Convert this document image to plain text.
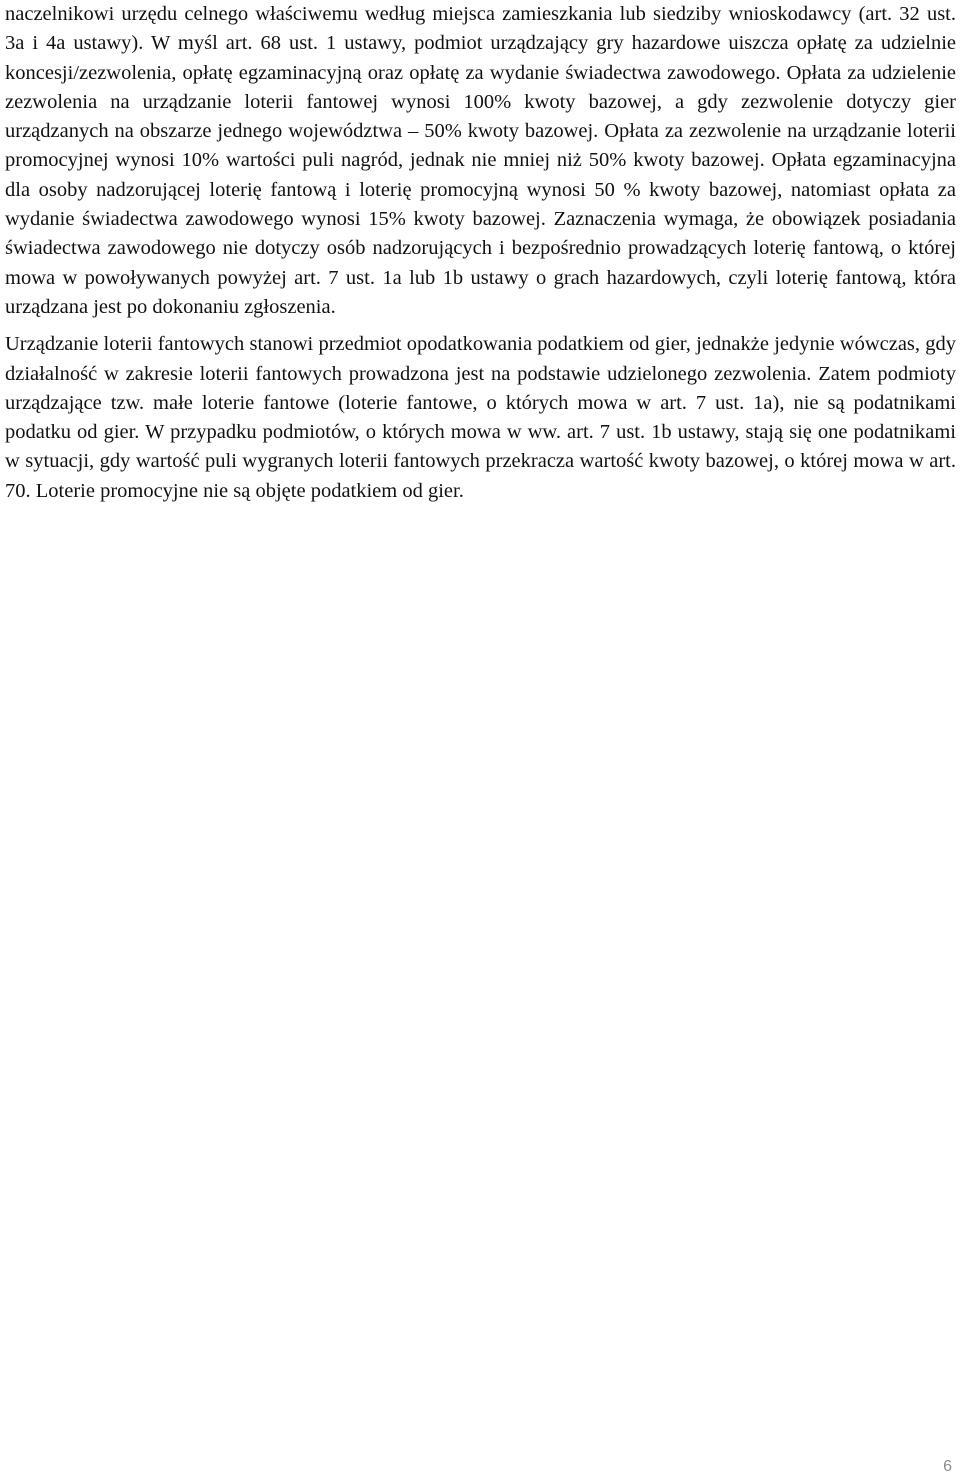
naczelnikowi urzędu celnego właściwemu według miejsca zamieszkania lub siedziby wnioskodawcy (art. 32 ust. 3a i 4a ustawy). W myśl art. 68 ust. 1 ustawy, podmiot urządzający gry hazardowe uiszcza opłatę za udzielnie koncesji/zezwolenia, opłatę egzaminacyjną oraz opłatę za wydanie świadectwa zawodowego. Opłata za udzielenie zezwolenia na urządzanie loterii fantowej wynosi 100% kwoty bazowej, a gdy zezwolenie dotyczy gier urządzanych na obszarze jednego województwa – 50% kwoty bazowej. Opłata za zezwolenie na urządzanie loterii promocyjnej wynosi 10% wartości puli nagród, jednak nie mniej niż 50% kwoty bazowej. Opłata egzaminacyjna dla osoby nadzorującej loterię fantową i loterię promocyjną wynosi 50 % kwoty bazowej, natomiast opłata za wydanie świadectwa zawodowego wynosi 15% kwoty bazowej. Zaznaczenia wymaga, że obowiązek posiadania świadectwa zawodowego nie dotyczy osób nadzorujących i bezpośrednio prowadzących loterię fantową, o której mowa w powoływanych powyżej art. 7 ust. 1a lub 1b ustawy o grach hazardowych, czyli loterię fantową, która urządzana jest po dokonaniu zgłoszenia.

Urządzanie loterii fantowych stanowi przedmiot opodatkowania podatkiem od gier, jednakże jedynie wówczas, gdy działalność w zakresie loterii fantowych prowadzona jest na podstawie udzielonego zezwolenia. Zatem podmioty urządzające tzw. małe loterie fantowe (loterie fantowe, o których mowa w art. 7 ust. 1a), nie są podatnikami podatku od gier. W przypadku podmiotów, o których mowa w ww. art. 7 ust. 1b ustawy, stają się one podatnikami w sytuacji, gdy wartość puli wygranych loterii fantowych przekracza wartość kwoty bazowej, o której mowa w art. 70. Loterie promocyjne nie są objęte podatkiem od gier.

6
